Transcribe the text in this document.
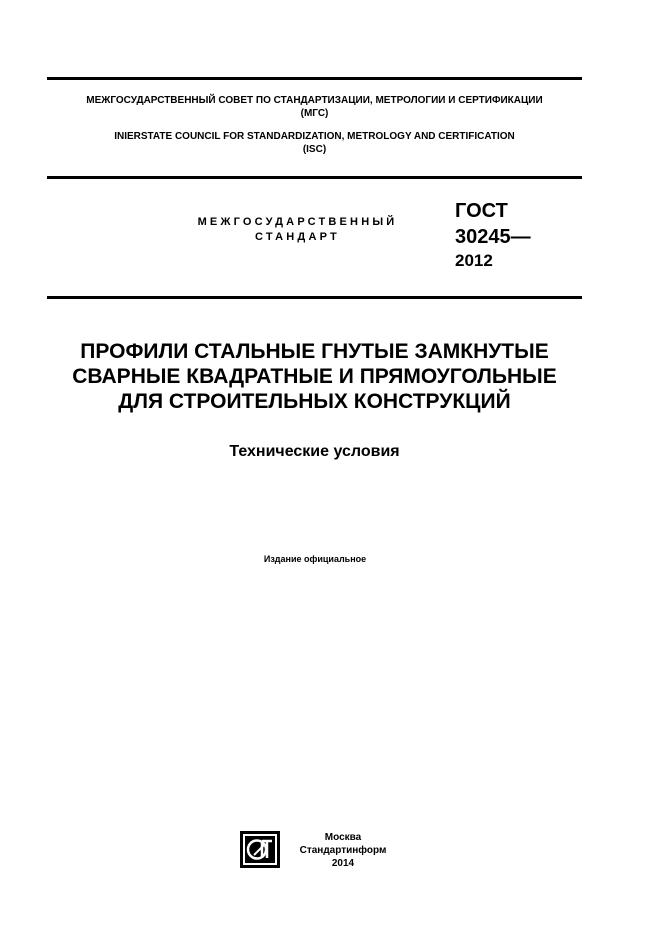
МЕЖГОСУДАРСТВЕННЫЙ СОВЕТ ПО СТАНДАРТИЗАЦИИ, МЕТРОЛОГИИ И СЕРТИФИКАЦИИ
(МГС)
INIERSTATE COUNCIL FOR STANDARDIZATION, METROLOGY AND CERTIFICATION
(ISC)
МЕЖГОСУДАРСТВЕННЫЙ
СТАНДАРТ
ГОСТ
30245—
2012
ПРОФИЛИ СТАЛЬНЫЕ ГНУТЫЕ ЗАМКНУТЫЕ
СВАРНЫЕ КВАДРАТНЫЕ И ПРЯМОУГОЛЬНЫЕ
ДЛЯ СТРОИТЕЛЬНЫХ КОНСТРУКЦИЙ
Технические условия
Издание официальное
Москва
Стандартинформ
2014
